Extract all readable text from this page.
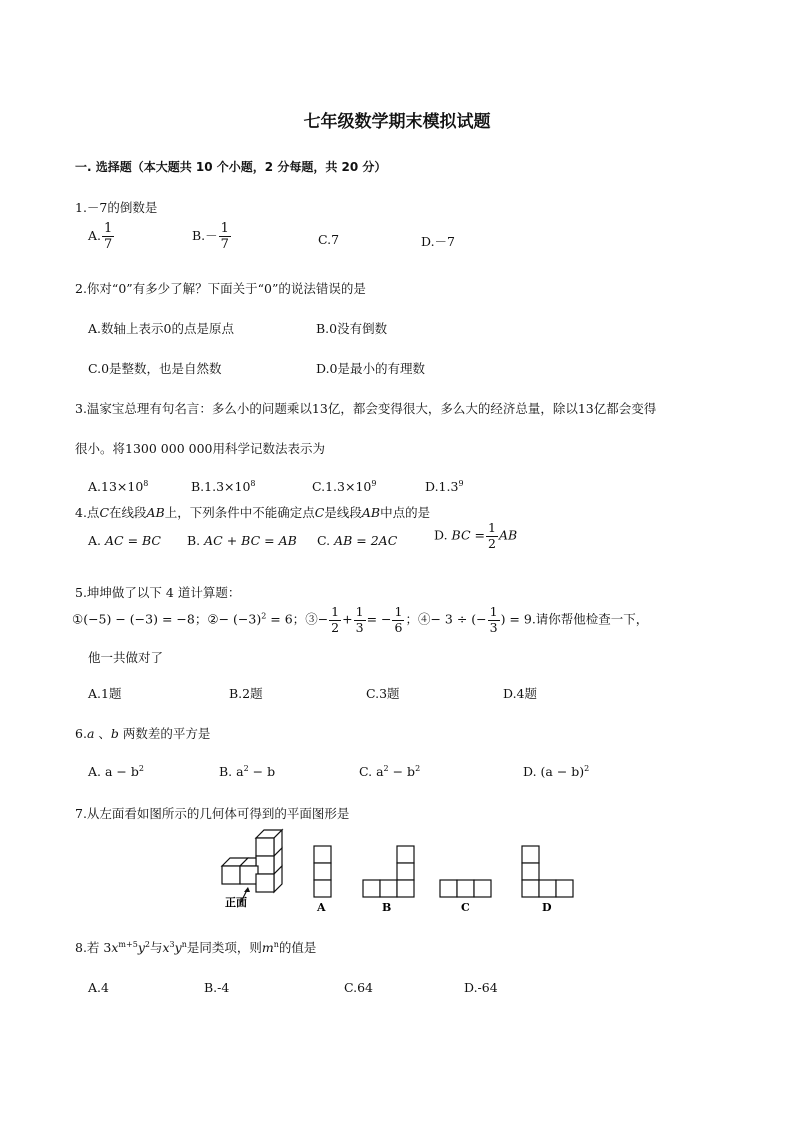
七年级数学期末模拟试题
一. 选择题（本大题共 10 个小题，2 分每题，共 20 分）
1.－7的倒数是
A. $\frac{1}{7}$	$B.- \frac{1}{7}$	C.7	D.－7
2.你对“0”有多少了解？下面关于“0”的说法错误的是
A.数轴上表示0的点是原点	B.0没有倒数
C.0是整数，也是自然数	D.0是最小的有理数
3.温家宝总理有句名言：多么小的问题乘以13亿，都会变得很大，多么大的经济总量，除以13亿都会变得
很小。将1300 000 000用科学记数法表示为
$A.13\times 10^8$	$B.1.3\times 10^8$	$C.1.3\times 10^9$	D.1.3$^9$
4.点C在线段AB上，下列条件中不能确定点C是线段AB中点的是
A. AC = BC B. AC + BC = AB C. AB = 2AC	D. BC = $\frac{1}{2}$ AB
5.坤坤做了以下 4 道计算题：
①(−5) − (−3) = −8；②− $(-3)^2 = 6$；③− $\frac{1}{2} + \frac{1}{3}$ = − $\frac{1}{6}$ ；④− 3 ÷ (− $\frac{1}{3}$ ) = 9.请你帮他检查一下，
他一共做对了
A.1题	B.2题	C.3题	D.4题
6.a 、b 两数差的平方是
A. $a - b^2$	B. $a^2 - b$	C. $a^2 - b^2$	D. $(a - b)^2$
7.从左面看如图所示的几何体可得到的平面图形是
正面	A	B	C	D
8.若 $3x^{m+5}y^2$与$x^3y^n$是同类项，则$m^n$的值是
A.4	B.-4	C.64	D.-64
